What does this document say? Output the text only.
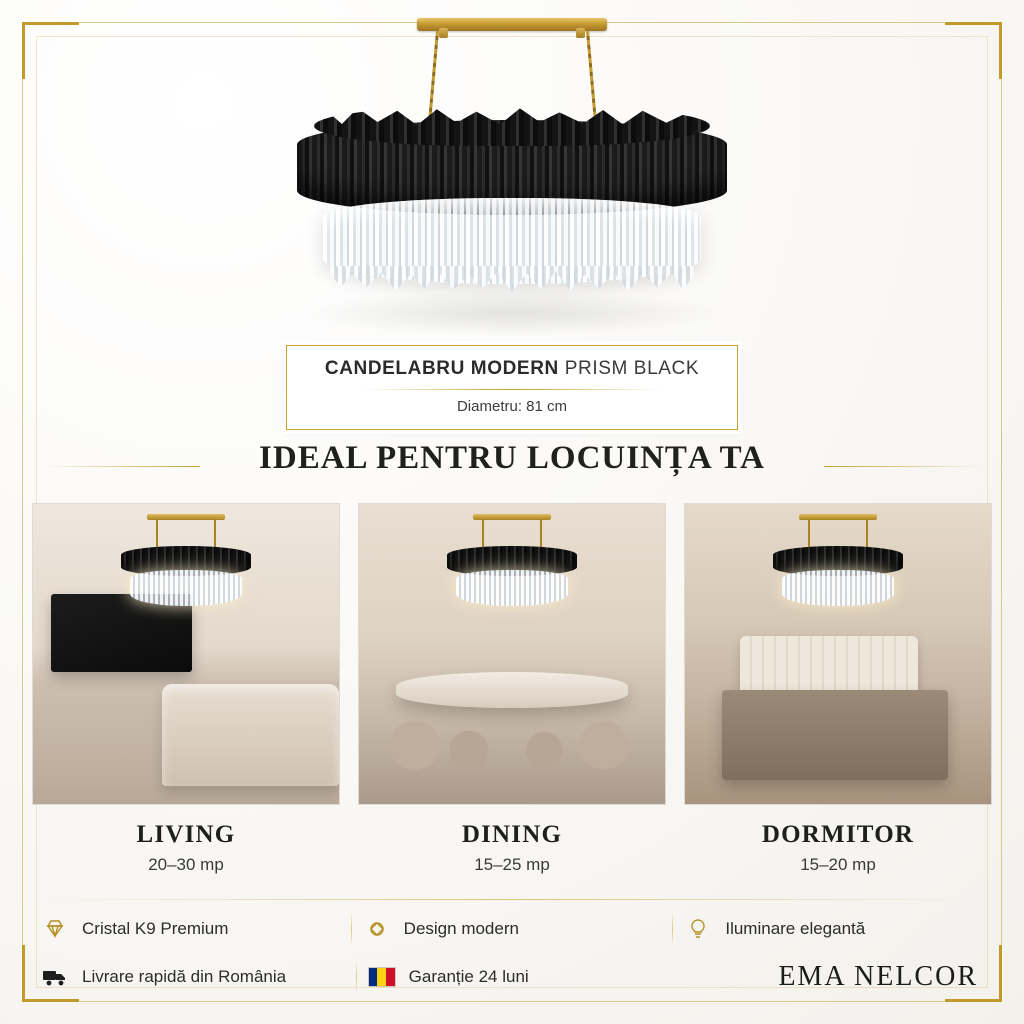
CANDELABRU MODERN PRISM BLACK
Diametru: 81 cm
IDEAL PENTRU LOCUINȚA TA
LIVING
20–30 mp
DINING
15–25 mp
DORMITOR
15–20 mp
Cristal K9 Premium	Design modern	Iluminare elegantă
Livrare rapidă din România	Garanție 24 luni	EMA NELCOR
